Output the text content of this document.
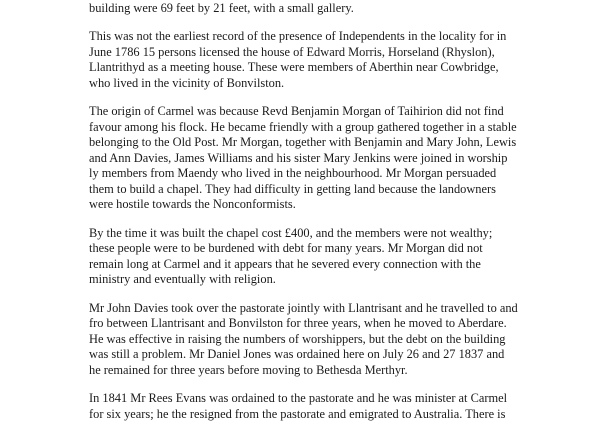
building were 69 feet by 21 feet, with a small gallery.

This was not the earliest record of the presence of Independents in the locality for in
June 1786 15 persons licensed the house of Edward Morris, Horseland (Rhyslon),
Llantrithyd as a meeting house. These were members of Aberthin near Cowbridge,
who lived in the vicinity of Bonvilston.

The origin of Carmel was because Revd Benjamin Morgan of Taihirion did not find
favour among his flock. He became friendly with a group gathered together in a stable
belonging to the Old Post. Mr Morgan, together with Benjamin and Mary John, Lewis
and Ann Davies, James Williams and his sister Mary Jenkins were joined in worship
ly members from Maendy who lived in the neighbourhood. Mr Morgan persuaded
them to build a chapel. They had difficulty in getting land because the landowners
were hostile towards the Nonconformists.

By the time it was built the chapel cost £400, and the members were not wealthy;
these people were to be burdened with debt for many years. Mr Morgan did not
remain long at Carmel and it appears that he severed every connection with the
ministry and eventually with religion.

Mr John Davies took over the pastorate jointly with Llantrisant and he travelled to and
fro between Llantrisant and Bonvilston for three years, when he moved to Aberdare.
He was effective in raising the numbers of worshippers, but the debt on the building
was still a problem. Mr Daniel Jones was ordained here on July 26 and 27 1837 and
he remained for three years before moving to Bethesda Merthyr.

In 1841 Mr Rees Evans was ordained to the pastorate and he was minister at Carmel
for six years; he the resigned from the pastorate and emigrated to Australia. There is
